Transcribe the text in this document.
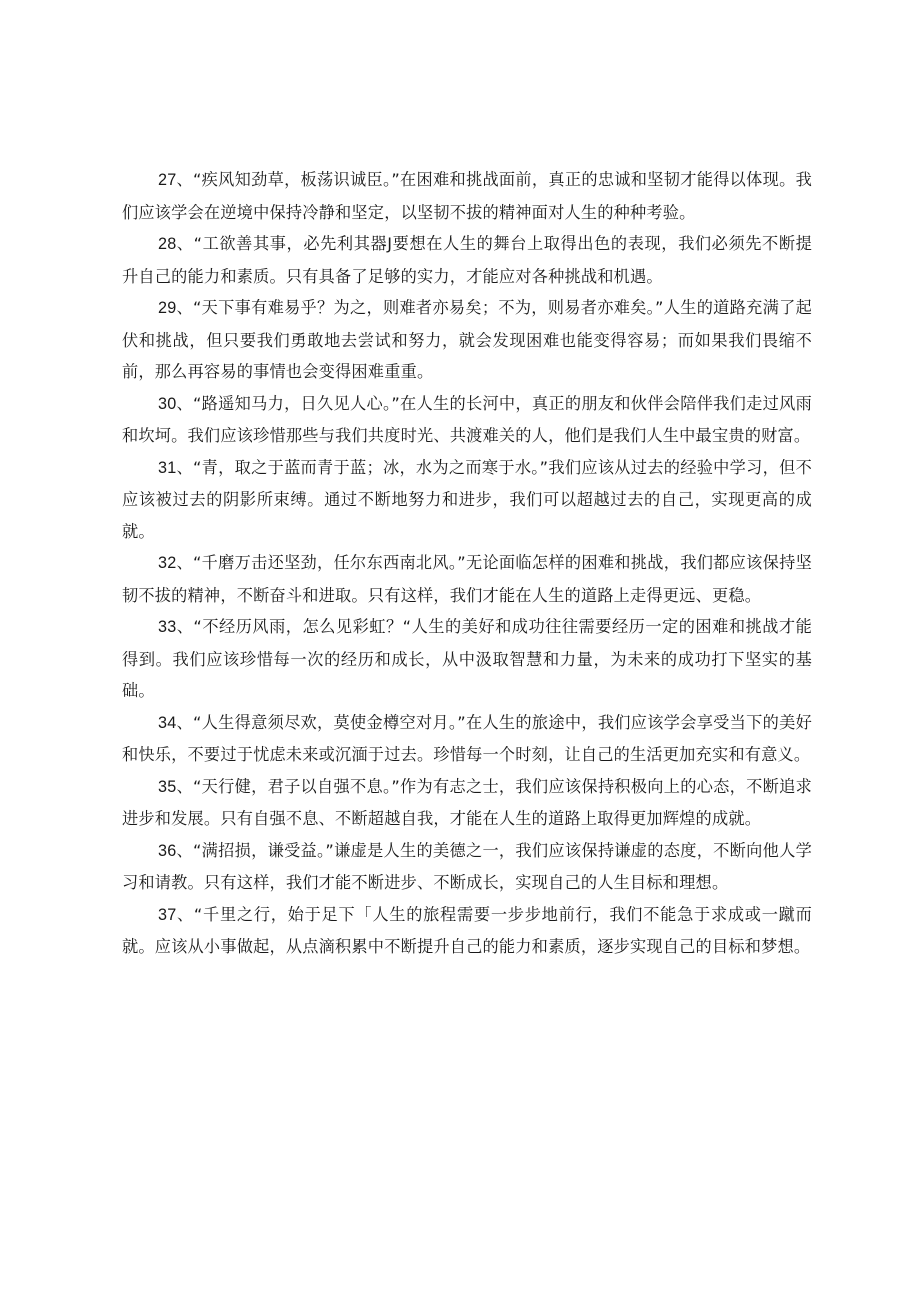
27、“疾风知劲草，板荡识诚臣。”在困难和挑战面前，真正的忠诚和坚韧才能得以体现。我们应该学会在逆境中保持冷静和坚定，以坚韧不拔的精神面对人生的种种考验。

28、“工欲善其事，必先利其器J要想在人生的舞台上取得出色的表现，我们必须先不断提升自己的能力和素质。只有具备了足够的实力，才能应对各种挑战和机遇。

29、“天下事有难易乎？为之，则难者亦易矣；不为，则易者亦难矣。”人生的道路充满了起伏和挑战，但只要我们勇敢地去尝试和努力，就会发现困难也能变得容易；而如果我们畏缩不前，那么再容易的事情也会变得困难重重。

30、“路遥知马力，日久见人心。”在人生的长河中，真正的朋友和伙伴会陪伴我们走过风雨和坎坷。我们应该珍惜那些与我们共度时光、共渡难关的人，他们是我们人生中最宝贵的财富。

31、“青，取之于蓝而青于蓝；冰，水为之而寒于水。”我们应该从过去的经验中学习，但不应该被过去的阴影所束缚。通过不断地努力和进步，我们可以超越过去的自己，实现更高的成就。

32、“千磨万击还坚劲，任尔东西南北风。”无论面临怎样的困难和挑战，我们都应该保持坚韧不拔的精神，不断奋斗和进取。只有这样，我们才能在人生的道路上走得更远、更稳。

33、“不经历风雨，怎么见彩虹？“人生的美好和成功往往需要经历一定的困难和挑战才能得到。我们应该珍惜每一次的经历和成长，从中汲取智慧和力量，为未来的成功打下坚实的基础。

34、“人生得意须尽欢，莫使金樽空对月。”在人生的旅途中，我们应该学会享受当下的美好和快乐，不要过于忧虑未来或沉湎于过去。珍惜每一个时刻，让自己的生活更加充实和有意义。

35、“天行健，君子以自强不息。”作为有志之士，我们应该保持积极向上的心态，不断追求进步和发展。只有自强不息、不断超越自我，才能在人生的道路上取得更加辉煌的成就。

36、“满招损，谦受益。”谦虚是人生的美德之一，我们应该保持谦虚的态度，不断向他人学习和请教。只有这样，我们才能不断进步、不断成长，实现自己的人生目标和理想。

37、“千里之行，始于足下「人生的旅程需要一步步地前行，我们不能急于求成或一蹴而就。应该从小事做起，从点滴积累中不断提升自己的能力和素质，逐步实现自己的目标和梦想。
